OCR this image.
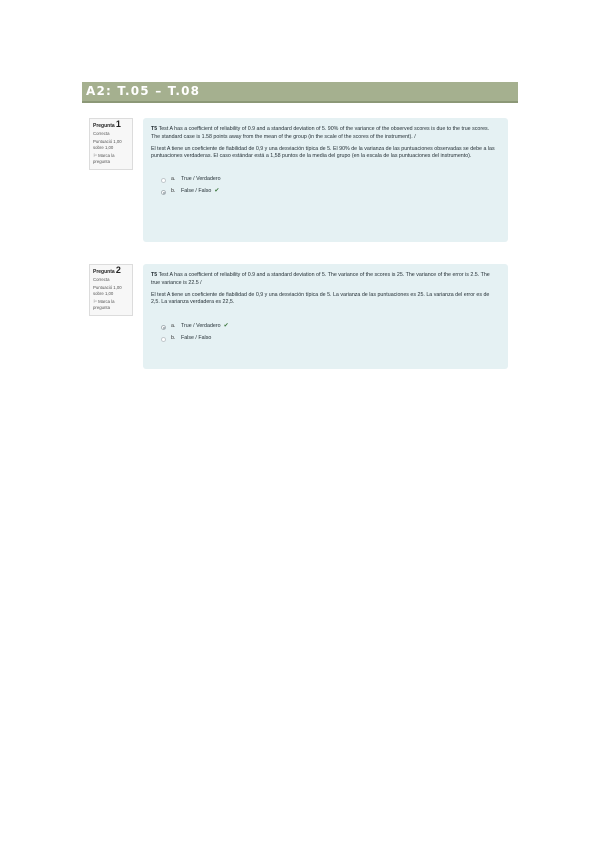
A2: T.05 – T.08
Pregunta 1
Correcta
Puntuació 1,00
sobre 1,00
⚐ Marca la
pregunta

T5 Test A has a coefficient of reliability of 0.9 and a standard deviation of 5. 90% of the variance of the observed scores is due to the true scores. The standard case is 1.58 points away from the mean of the group (in the scale of the scores of the instrument). /

El test A tiene un coeficiente de fiabilidad de 0,9 y una desviación típica de 5. El 90% de la varianza de las puntuaciones observadas se debe a las puntuaciones verdaderas. El caso estándar está a 1,58 puntos de la media del grupo (en la escala de las puntuaciones del instrumento).

a.	True / Verdadero
b.	False / Falso ✔
Pregunta 2
Correcta
Puntuació 1,00
sobre 1,00
⚐ Marca la
pregunta

T5 Test A has a coefficient of reliability of 0.9 and a standard deviation of 5. The variance of the scores is 25. The variance of the error is 2.5. The true variance is 22.5 /

El test A tiene un coeficiente de fiabilidad de 0,9 y una desviación típica de 5. La varianza de las puntuaciones es 25. La varianza del error es de 2,5. La varianza verdadera es 22,5.

a.	True / Verdadero ✔
b.	False / Falso
